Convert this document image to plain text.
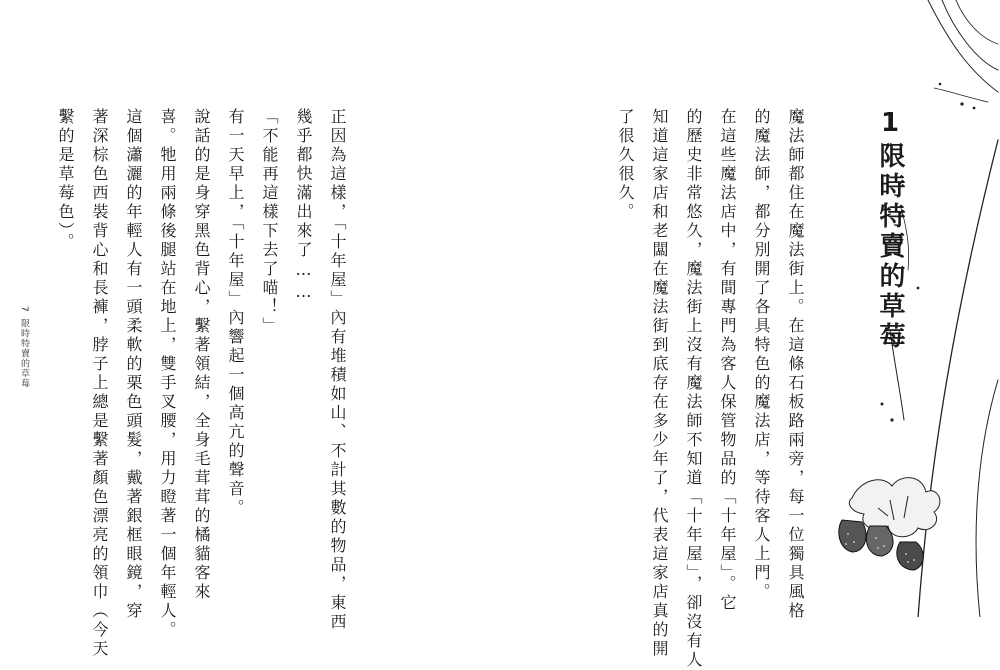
7 限時特賣的草莓	正因為這樣，「十年屋」內有堆積如山、不計其數的物品，東西
幾乎都快滿出來了……
「不能再這樣下去了喵！」
有一天早上，「十年屋」內響起一個高亢的聲音。
說話的是身穿黑色背心，繫著領結，全身毛茸茸的橘貓客來
喜。牠用兩條後腿站在地上，雙手叉腰，用力瞪著一個年輕人。
這個瀟灑的年輕人有一頭柔軟的栗色頭髮，戴著銀框眼鏡，穿
著深棕色西裝背心和長褲，脖子上總是繫著顏色漂亮的領巾（今天
繫的是草莓色）。	魔法師都住在魔法街上。在這條石板路兩旁，每一位獨具風格
的魔法師，都分別開了各具特色的魔法店，等待客人上門。
在這些魔法店中，有間專門為客人保管物品的「十年屋」。它
的歷史非常悠久，魔法街上沒有魔法師不知道「十年屋」，卻沒有人
知道這家店和老闆在魔法街到底存在多少年了，代表這家店真的開
了很久很久。	1限時特賣的草莓
